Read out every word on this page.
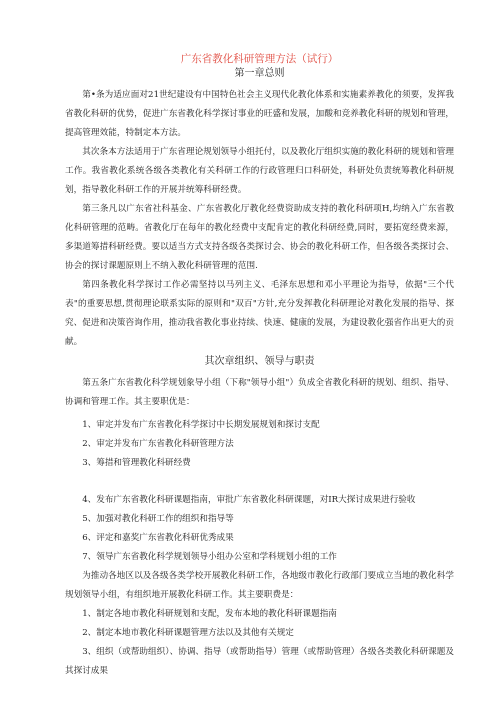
广东省教化科研管理方法（试行）

第一章总则

第•条为适应面对21世纪建设有中国特色社会主义现代化教化体系和实施素养教化的须要，发挥我省教化科研的优势，促进广东省教化科学探讨事业的旺盛和发展，加酸和竞养教化科研的规划和管理，提高管理效能，特制定本方法。

其次条本方法适用于广东省理论规划领导小组托付，以及教化厅组织实施的教化科研的规划和管理工作。我省教化系统各级各类教化有关科研工作的行政管理归口科研处，科研处负责统筹教化科研规划，指导教化科研工作的开展并统筹科研经费。

第三条凡以广东省社科基金、广东省教化厅教化经费资助成支持的教化科研项H,均纳入广东省教化科研管理的范畴。省教化厅在每年的教化经费中支配肯定的教化科研经费,同时，要拓宽经费来源，多渠道筹措科研经费。要以适当方式支持各级各类探讨会、协会的教化科研工作，但各级各类探讨会、协会的探讨课题原则上不纳入教化科研管理的范围.

第四条教化科学探讨工作必需坚持以马列主义、毛泽东思想和邓小平理论为指导，依据"三个代表"的重要思想,贯彻理论联系实际的原则和"双百"方针,充分发挥教化科研理论对教化发展的指导、探究、促进和决策咨询作用，推动我省教化事业持续、快速、健康的发展，为建设教化强省作出更大的贡献。

其次章组织、领导与职责

第五条广东省教化科学规划象导小组（下称"领导小组"）负成全省教化科研的规划、组织、指导、协调和管理工作。其主要职优是：

1、审定并发布广东省教化科学探讨中长期发展规划和探讨支配

2、审定并发布广东省教化科研管理方法

3、筹措和管理教化科研经费

4、发布广东省教化科研课题指南，审批广东省教化科研课题，对IR大探讨成果进行验收

5、加强对教化科研工作的组织和指导等

6、评定和嘉奖广东省教化科研优秀成果

7、领导广东省教化科学规划领导小组办公室和学科规划小组的工作

为推动各地区以及各级各类学校开展教化科研工作，各地级市教化行政部门要成立当地的教化科学规划领导小组，有组织地开展教化科研工作。其主要职费是：

1、制定各地市教化科研规划和支配，发布本地的教化科研课题指南

2、制定本地市教化科研课题管理方法以及其他有关规定

3、组织（或帮助组织）、协调、指导（或帮助指导）管理（或帮助管理）各级各类教化科研课题及其探讨成果
